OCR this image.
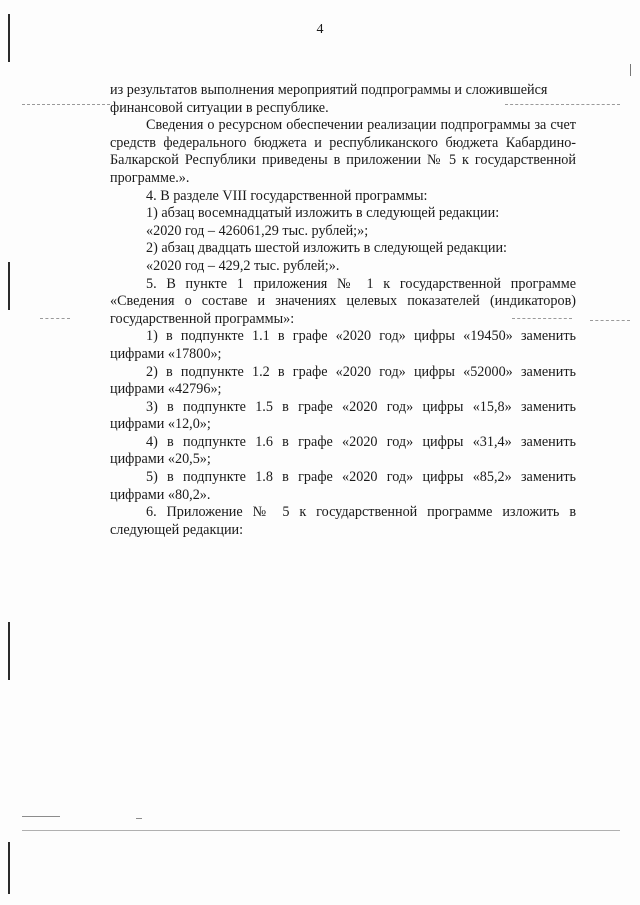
4

из результатов выполнения мероприятий подпрограммы и сложившейся
финансовой ситуации в республике.

Сведения о ресурсном обеспечении реализации подпрограммы за счет средств федерального бюджета и республиканского бюджета Кабардино-Балкарской Республики приведены в приложении № 5 к государственной программе.».

4. В разделе VIII государственной программы:

1) абзац восемнадцатый изложить в следующей редакции:

«2020 год – 426061,29 тыс. рублей;»;

2) абзац двадцать шестой изложить в следующей редакции:

«2020 год – 429,2 тыс. рублей;».

5. В пункте 1 приложения № 1 к государственной программе «Сведения о составе и значениях целевых показателей (индикаторов) государственной программы»:

1) в подпункте 1.1 в графе «2020 год» цифры «19450» заменить цифрами «17800»;

2) в подпункте 1.2 в графе «2020 год» цифры «52000» заменить цифрами «42796»;

3) в подпункте 1.5 в графе «2020 год» цифры «15,8» заменить цифрами «12,0»;

4) в подпункте 1.6 в графе «2020 год» цифры «31,4» заменить цифрами «20,5»;

5) в подпункте 1.8 в графе «2020 год» цифры «85,2» заменить цифрами «80,2».

6. Приложение № 5 к государственной программе изложить в следующей редакции:
